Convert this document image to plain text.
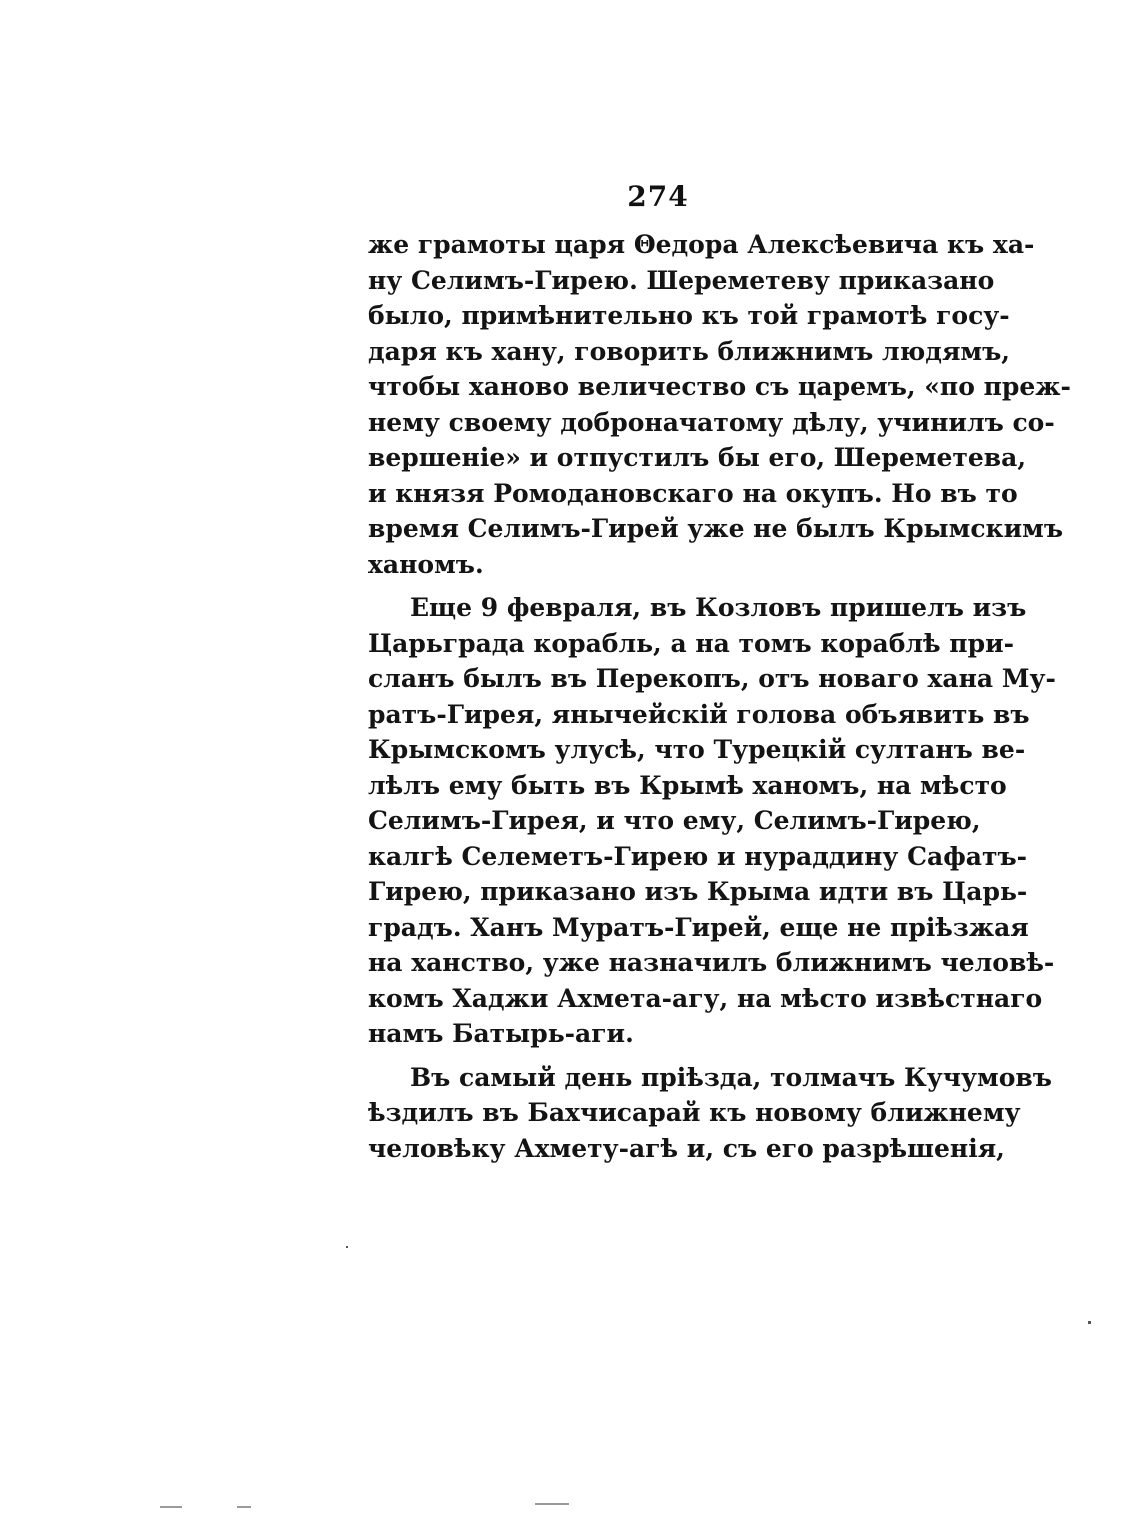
274
же грамоты царя Θедора Алексѣевича къ ха-
ну Селимъ-Гирею. Шереметеву приказано
было, примѣнительно къ той грамотѣ госу-
даря къ хану, говорить ближнимъ людямъ,
чтобы ханово величество съ царемъ, «по преж-
нему своему доброначатому дѣлу, учинилъ со-
вершеніе» и отпустилъ бы его, Шереметева,
и князя Ромодановскаго на окупъ. Но въ то
время Селимъ-Гирей уже не былъ Крымскимъ
ханомъ.
Еще 9 февраля, въ Козловъ пришелъ изъ
Царьграда корабль, а на томъ кораблѣ при-
сланъ былъ въ Перекопъ, отъ новаго хана Му-
ратъ-Гирея, янычейскій голова объявить въ
Крымскомъ улусѣ, что Турецкій султанъ ве-
лѣлъ ему быть въ Крымѣ ханомъ, на мѣсто
Селимъ-Гирея, и что ему, Селимъ-Гирею,
калгѣ Селеметъ-Гирею и нураддину Сафатъ-
Гирею, приказано изъ Крыма идти въ Царь-
градъ. Ханъ Муратъ-Гирей, еще не пріѣзжая
на ханство, уже назначилъ ближнимъ человѣ-
комъ Хаджи Ахмета-агу, на мѣсто извѣстнаго
намъ Батырь-аги.
Въ самый день пріѣзда, толмачъ Кучумовъ
ѣздилъ въ Бахчисарай къ новому ближнему
человѣку Ахмету-агѣ и, съ его разрѣшенія,
